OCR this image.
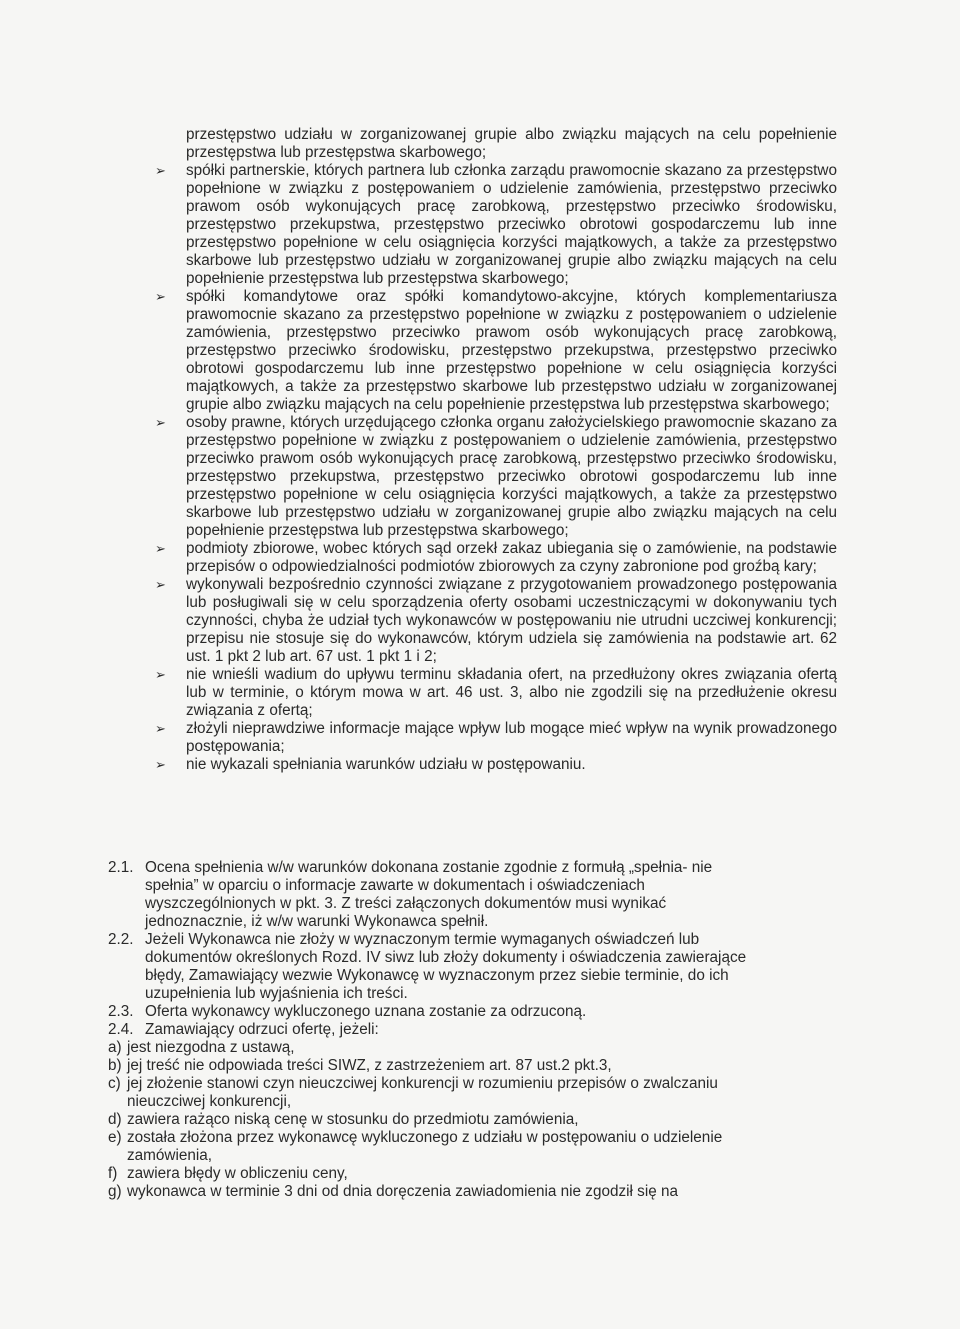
przestępstwo udziału w zorganizowanej grupie albo związku mających na celu popełnienie przestępstwa lub przestępstwa skarbowego;
➢	spółki partnerskie, których partnera lub członka zarządu prawomocnie skazano za przestępstwo popełnione w związku z postępowaniem o udzielenie zamówienia, przestępstwo przeciwko prawom osób wykonujących pracę zarobkową, przestępstwo przeciwko środowisku, przestępstwo przekupstwa, przestępstwo przeciwko obrotowi gospodarczemu lub inne przestępstwo popełnione w celu osiągnięcia korzyści majątkowych, a także za przestępstwo skarbowe lub przestępstwo udziału w zorganizowanej grupie albo związku mających na celu popełnienie przestępstwa lub przestępstwa skarbowego;
➢	spółki komandytowe oraz spółki komandytowo-akcyjne, których komplementariusza prawomocnie skazano za przestępstwo popełnione w związku z postępowaniem o udzielenie zamówienia, przestępstwo przeciwko prawom osób wykonujących pracę zarobkową, przestępstwo przeciwko środowisku, przestępstwo przekupstwa, przestępstwo przeciwko obrotowi gospodarczemu lub inne przestępstwo popełnione w celu osiągnięcia korzyści majątkowych, a także za przestępstwo skarbowe lub przestępstwo udziału w zorganizowanej grupie albo związku mających na celu popełnienie przestępstwa lub przestępstwa skarbowego;
➢	osoby prawne, których urzędującego członka organu założycielskiego prawomocnie skazano za przestępstwo popełnione w związku z postępowaniem o udzielenie zamówienia, przestępstwo przeciwko prawom osób wykonujących pracę zarobkową, przestępstwo przeciwko środowisku, przestępstwo przekupstwa, przestępstwo przeciwko obrotowi gospodarczemu lub inne przestępstwo popełnione w celu osiągnięcia korzyści majątkowych, a także za przestępstwo skarbowe lub przestępstwo udziału w zorganizowanej grupie albo związku mających na celu popełnienie przestępstwa lub przestępstwa skarbowego;
➢	podmioty zbiorowe, wobec których sąd orzekł zakaz ubiegania się o zamówienie, na podstawie przepisów o odpowiedzialności podmiotów zbiorowych za czyny zabronione pod groźbą kary;
➢	wykonywali bezpośrednio czynności związane z przygotowaniem prowadzonego postępowania lub posługiwali się w celu sporządzenia oferty osobami uczestniczącymi w dokonywaniu tych czynności, chyba że udział tych wykonawców w postępowaniu nie utrudni uczciwej konkurencji; przepisu nie stosuje się do wykonawców, którym udziela się zamówienia na podstawie art. 62 ust. 1 pkt 2 lub art. 67 ust. 1 pkt 1 i 2;
➢	nie wnieśli wadium do upływu terminu składania ofert, na przedłużony okres związania ofertą lub w terminie, o którym mowa w art. 46 ust. 3, albo nie zgodzili się na przedłużenie okresu związania z ofertą;
➢	złożyli nieprawdziwe informacje mające wpływ lub mogące mieć wpływ na wynik prowadzonego postępowania;
➢	nie wykazali spełniania warunków udziału w postępowaniu.
2.1. Ocena spełnienia w/w warunków dokonana zostanie zgodnie z formułą „spełnia- nie spełnia” w oparciu o informacje zawarte w dokumentach i oświadczeniach wyszczególnionych w pkt. 3. Z treści załączonych dokumentów musi wynikać jednoznacznie, iż w/w warunki Wykonawca spełnił.
2.2. Jeżeli Wykonawca nie złoży w wyznaczonym termie wymaganych oświadczeń lub dokumentów określonych Rozd. IV siwz lub złoży dokumenty i oświadczenia zawierające błędy, Zamawiający wezwie Wykonawcę w wyznaczonym przez siebie terminie, do ich uzupełnienia lub wyjaśnienia ich treści.
2.3. Oferta wykonawcy wykluczonego uznana zostanie za odrzuconą.
2.4. Zamawiający odrzuci ofertę, jeżeli:
a) jest niezgodna z ustawą,
b) jej treść nie odpowiada treści SIWZ, z zastrzeżeniem art. 87 ust.2 pkt.3,
c) jej złożenie stanowi czyn nieuczciwej konkurencji w rozumieniu przepisów o zwalczaniu nieuczciwej konkurencji,
d) zawiera rażąco niską cenę w stosunku do przedmiotu zamówienia,
e) została złożona przez wykonawcę wykluczonego z udziału w postępowaniu o udzielenie zamówienia,
f) zawiera błędy w obliczeniu ceny,
g) wykonawca w terminie 3 dni od dnia doręczenia zawiadomienia nie zgodził się na
